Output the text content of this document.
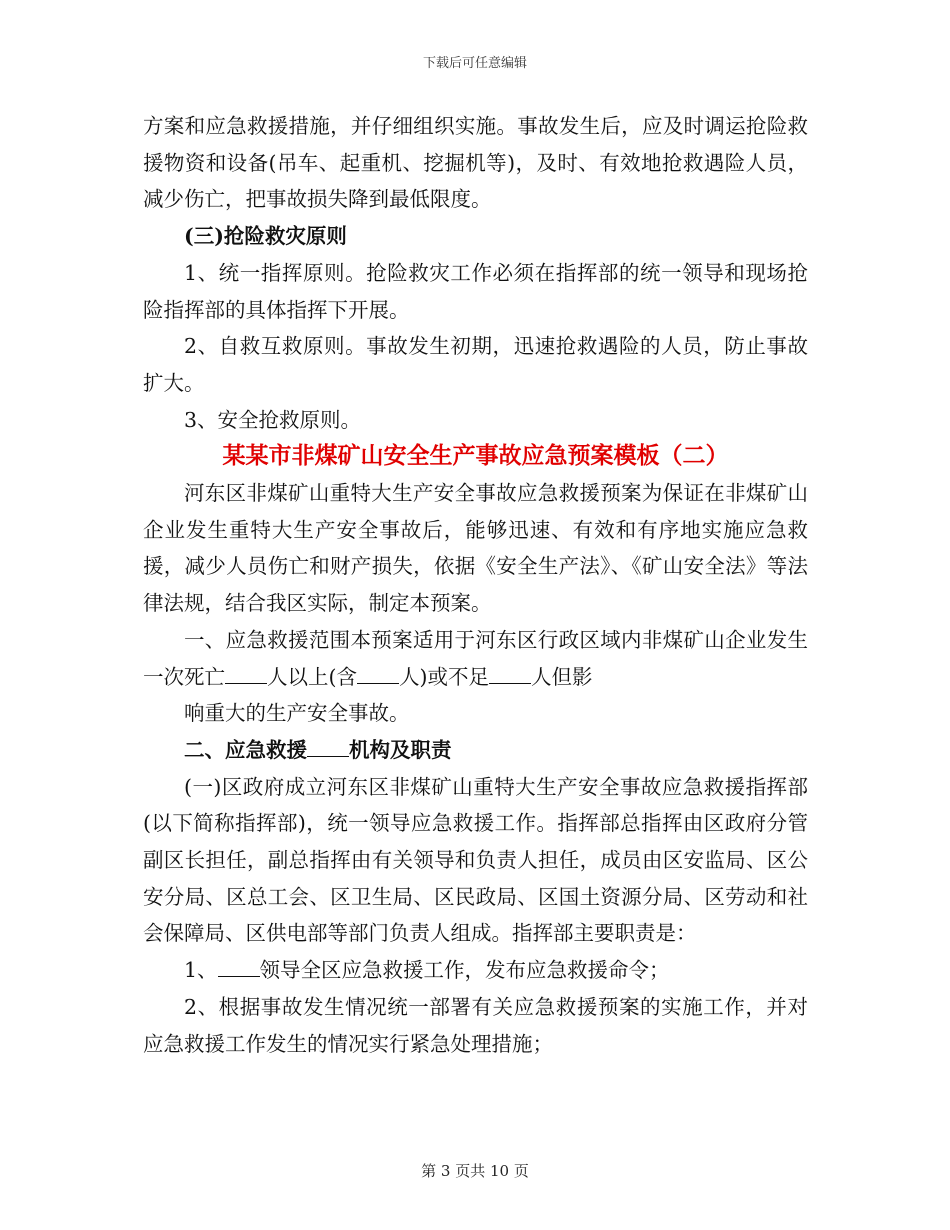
下载后可任意编辑

方案和应急救援措施，并仔细组织实施。事故发生后，应及时调运抢险救援物资和设备(吊车、起重机、挖掘机等)，及时、有效地抢救遇险人员，减少伤亡，把事故损失降到最低限度。

(三)抢险救灾原则

1、统一指挥原则。抢险救灾工作必须在指挥部的统一领导和现场抢险指挥部的具体指挥下开展。

2、自救互救原则。事故发生初期，迅速抢救遇险的人员，防止事故扩大。

3、安全抢救原则。

某某市非煤矿山安全生产事故应急预案模板（二）

河东区非煤矿山重特大生产安全事故应急救援预案为保证在非煤矿山企业发生重特大生产安全事故后，能够迅速、有效和有序地实施应急救援，减少人员伤亡和财产损失，依据《安全生产法》、《矿山安全法》等法律法规，结合我区实际，制定本预案。

一、应急救援范围本预案适用于河东区行政区域内非煤矿山企业发生一次死亡 人以上(含 人)或不足 人但影

响重大的生产安全事故。

二、应急救援 机构及职责

(一)区政府成立河东区非煤矿山重特大生产安全事故应急救援指挥部(以下简称指挥部)，统一领导应急救援工作。指挥部总指挥由区政府分管副区长担任，副总指挥由有关领导和负责人担任，成员由区安监局、区公安分局、区总工会、区卫生局、区民政局、区国土资源分局、区劳动和社会保障局、区供电部等部门负责人组成。指挥部主要职责是：

1、 领导全区应急救援工作，发布应急救援命令；

2、根据事故发生情况统一部署有关应急救援预案的实施工作，并对应急救援工作发生的情况实行紧急处理措施；

第 3 页共 10 页
